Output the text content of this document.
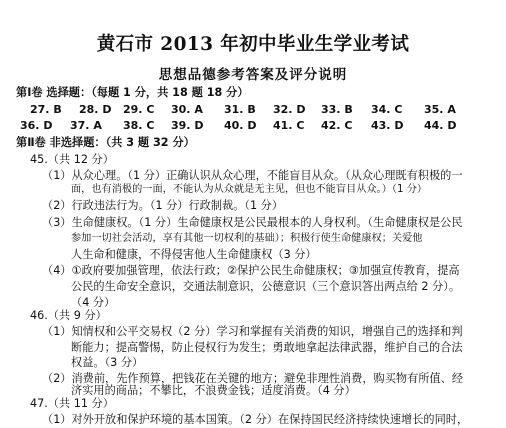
黄石市 2013 年初中毕业生学业考试
思想品德参考答案及评分说明
第Ⅰ卷 选择题：（每题 1 分，共 18 题 18 分）
27. B 28. D 29. C 30. A 31. B 32. D 33. B 34. C 35. A
36. D 37. A 38. C 39. D 40. D 41. C 42. C 43. D 44. D
第Ⅱ卷 非选择题：（共 3 题 32 分）
45.（共 12 分）
（1）从众心理。（1 分）正确认识从众心理，不能盲目从众。（从众心理既有积极的一
面，也有消极的一面，不能认为从众就是无主见，但也不能盲目从众。）（1 分）
（2）行政违法行为。（1 分）行政制裁。（1 分）
（3）生命健康权。（1 分）生命健康权是公民最根本的人身权利。（生命健康权是公民
参加一切社会活动，享有其他一切权利的基础）；积极行使生命健康权；关爱他
人生命和健康，不得侵害他人生命健康权（3 分）
（4）①政府要加强管理，依法行政；②保护公民生命健康权；③加强宣传教育，提高
公民的生命安全意识，交通法制意识，公德意识（三个意识答出两点给 2 分）。
（4 分）
46.（共 9 分）
（1）知情权和公平交易权（2 分）学习和掌握有关消费的知识，增强自己的选择和判
断能力；提高警惕，防止侵权行为发生；勇敢地拿起法律武器，维护自己的合法
权益。（3 分）
（2）消费前，先作预算，把钱花在关键的地方；避免非理性消费，购买物有所值、经
济实用的商品；不攀比，不浪费金钱；适度消费。（4 分）
47.（共 11 分）
（1）对外开放和保护环境的基本国策。（2 分）在保持国民经济持续快速增长的同时，
